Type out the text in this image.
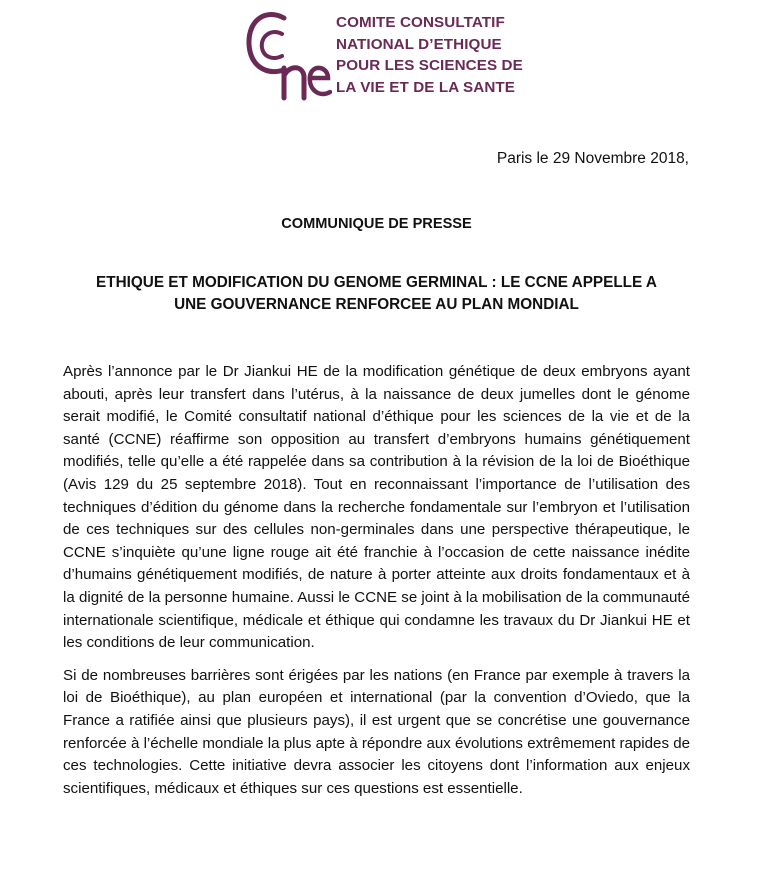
COMITE CONSULTATIF
NATIONAL D’ETHIQUE
POUR LES SCIENCES DE
LA VIE ET DE LA SANTE
Paris le 29 Novembre 2018,
COMMUNIQUE DE PRESSE
ETHIQUE ET MODIFICATION DU GENOME GERMINAL : LE CCNE APPELLE A
UNE GOUVERNANCE RENFORCEE AU PLAN MONDIAL

Après l’annonce par le Dr Jiankui HE de la modification génétique de deux embryons ayant abouti, après leur transfert dans l’utérus, à la naissance de deux jumelles dont le génome serait modifié, le Comité consultatif national d’éthique pour les sciences de la vie et de la santé (CCNE) réaffirme son opposition au transfert d’embryons humains génétiquement modifiés, telle qu’elle a été rappelée dans sa contribution à la révision de la loi de Bioéthique (Avis 129 du 25 septembre 2018). Tout en reconnaissant l’importance de l’utilisation des techniques d’édition du génome dans la recherche fondamentale sur l’embryon et l’utilisation de ces techniques sur des cellules non-germinales dans une perspective thérapeutique, le CCNE s’inquiète qu’une ligne rouge ait été franchie à l’occasion de cette naissance inédite d’humains génétiquement modifiés, de nature à porter atteinte aux droits fondamentaux et à la dignité de la personne humaine. Aussi le CCNE se joint à la mobilisation de la communauté internationale scientifique, médicale et éthique qui condamne les travaux du Dr Jiankui HE et les conditions de leur communication.

Si de nombreuses barrières sont érigées par les nations (en France par exemple à travers la loi de Bioéthique), au plan européen et international (par la convention d’Oviedo, que la France a ratifiée ainsi que plusieurs pays), il est urgent que se concrétise une gouvernance renforcée à l’échelle mondiale la plus apte à répondre aux évolutions extrêmement rapides de ces technologies. Cette initiative devra associer les citoyens dont l’information aux enjeux scientifiques, médicaux et éthiques sur ces questions est essentielle.
